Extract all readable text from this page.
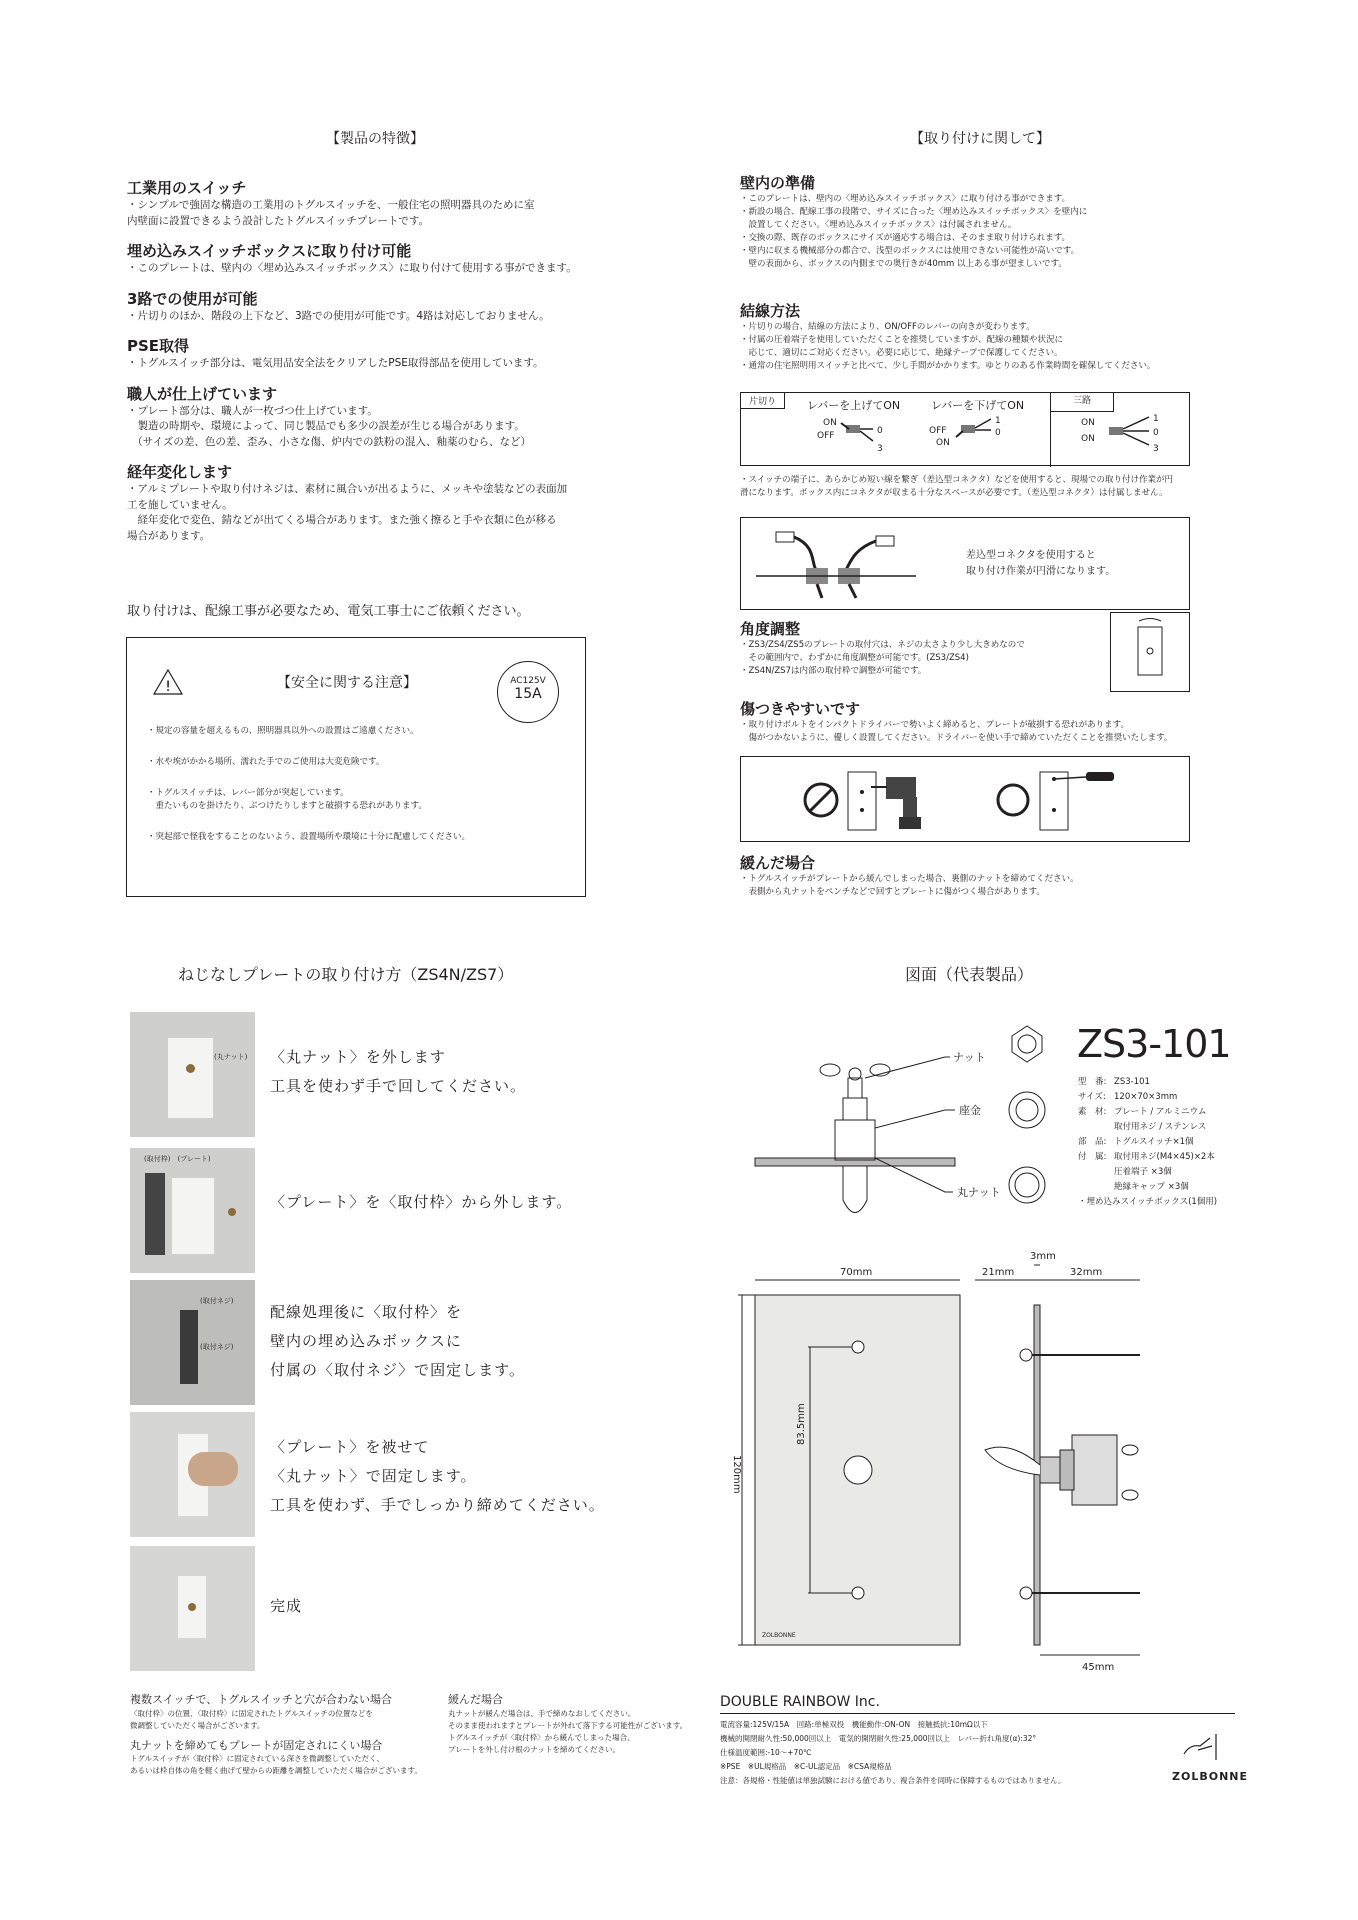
【製品の特徴】

工業用のスイッチ

・シンプルで強固な構造の工業用のトグルスイッチを、一般住宅の照明器具のために室
内壁面に設置できるよう設計したトグルスイッチプレートです。

埋め込みスイッチボックスに取り付け可能

・このプレートは、壁内の〈埋め込みスイッチボックス〉に取り付けて使用する事ができます。

3路での使用が可能

・片切りのほか、階段の上下など、3路での使用が可能です。4路は対応しておりません。

PSE取得

・トグルスイッチ部分は、電気用品安全法をクリアしたPSE取得部品を使用しています。

職人が仕上げています

・プレート部分は、職人が一枚づつ仕上げています。
　製造の時期や、環境によって、同じ製品でも多少の誤差が生じる場合があります。
　（サイズの差、色の差、歪み、小さな傷、炉内での鉄粉の混入、釉薬のむら、など）

経年変化します

・アルミプレートや取り付けネジは、素材に風合いが出るように、メッキや塗装などの表面加
工を施していません。
　経年変化で変色、錆などが出てくる場合があります。また強く擦ると手や衣類に色が移る
場合があります。

取り付けは、配線工事が必要なため、電気工事士にご依頼ください。
!	【安全に関する注意】	AC125V
15A

・規定の容量を超えるもの、照明器具以外への設置はご遠慮ください。

・水や埃がかかる場所、濡れた手でのご使用は大変危険です。

・トグルスイッチは、レバー部分が突起しています。
　重たいものを掛けたり、ぶつけたりしますと破損する恐れがあります。

・突起部で怪我をすることのないよう、設置場所や環境に十分に配慮してください。

【取り付けに関して】

壁内の準備

・このプレートは、壁内の〈埋め込みスイッチボックス〉に取り付ける事ができます。
・新設の場合、配線工事の段階で、サイズに合った〈埋め込みスイッチボックス〉を壁内に
　設置してください。〈埋め込みスイッチボックス〉は付属されません。
・交換の際、既存のボックスにサイズが適応する場合は、そのまま取り付けられます。
・壁内に収まる機械部分の都合で、浅型のボックスには使用できない可能性が高いです。
　壁の表面から、ボックスの内側までの奥行きが40mm 以上ある事が望ましいです。

結線方法

・片切りの場合、結線の方法により、ON/OFFのレバーの向きが変わります。
・付属の圧着端子を使用していただくことを推奨していますが、配線の種類や状況に
　応じて、適切にご対応ください。必要に応じて、絶縁テープで保護してください。
・通常の住宅照明用スイッチと比べて、少し手間がかかります。ゆとりのある作業時間を確保してください。

片切り	レバーを上げてON	レバーを下げてON	三路
ON
OFF	0
3
OFF
ON
1
0
ON
ON
1
0
3

・スイッチの端子に、あらかじめ短い線を繋ぎ（差込型コネクタ）などを使用すると、現場での取り付け作業が円
滑になります。ボックス内にコネクタが収まる十分なスペースが必要です。（差込型コネクタ）は付属しません。

差込型コネクタを使用すると
取り付け作業が円滑になります。

角度調整

・ZS3/ZS4/ZS5のプレートの取付穴は、ネジの太さより少し大きめなので
　その範囲内で、わずかに角度調整が可能です。(ZS3/ZS4)
・ZS4N/ZS7は内部の取付枠で調整が可能です。

傷つきやすいです

・取り付けボルトをインパクトドライバーで勢いよく締めると、プレートが破損する恐れがあります。
　傷がつかないように、優しく設置してください。ドライバーを使い手で締めていただくことを推奨いたします。

緩んだ場合

・トグルスイッチがプレートから緩んでしまった場合、裏側のナットを締めてください。
　表側から丸ナットをペンチなどで回すとプレートに傷がつく場合があります。

ねじなしプレートの取り付け方（ZS4N/ZS7）
(丸ナット) 〈丸ナット〉を外します
工具を使わず手で回してください。
(取付枠)　(プレート)
〈プレート〉を〈取付枠〉から外します。
(取付ネジ)
(取付ネジ)
配線処理後に〈取付枠〉を
壁内の埋め込みボックスに
付属の〈取付ネジ〉で固定します。
〈プレート〉を被せて
〈丸ナット〉で固定します。
工具を使わず、手でしっかり締めてください。
完成

複数スイッチで、トグルスイッチと穴が合わない場合

〈取付枠〉の位置、〈取付枠〉に固定されたトグルスイッチの位置などを
微調整していただく場合がございます。

丸ナットを締めてもプレートが固定されにくい場合

トグルスイッチが〈取付枠〉に固定されている深さを微調整していただく、
あるいは枠自体の角を軽く曲げて壁からの距離を調整していただく場合がございます。

緩んだ場合

丸ナットが緩んだ場合は、手で締めなおしてください。
そのまま使われますとプレートが外れて落下する可能性がございます。
トグルスイッチが〈取付枠〉から緩んでしまった場合、
プレートを外し付け根のナットを締めてください。

図面（代表製品）
ナット
座金
丸ナット
ZS3-101
型　番: ZS3-101
サイズ: 120×70×3mm
素　材: プレート / アルミニウム
取付用ネジ / ステンレス
部　品: トグルスイッチ×1個
付　属: 取付用ネジ(M4×45)×2本
圧着端子 ×3個
絶縁キャップ ×3個
・埋め込みスイッチボックス(1個用)
70mm	21mm	32mm
3mm
45mm
120mm
83.5mm
ZOLBONNE
DOUBLE RAINBOW Inc.
電流容量:125V/15A　回路:単極双投　機能動作:ON-ON　接触抵抗:10mΩ以下
機械的開閉耐久性:50,000回以上　電気的開閉耐久性:25,000回以上　レバー折れ角度(α):32°
仕様温度範囲:-10～+70℃
※PSE　※UL規格品　※C-UL認定品　※CSA規格品
注意：各規格・性能値は単独試験における値であり、複合条件を同時に保障するものではありません。	ZOLBONNE
